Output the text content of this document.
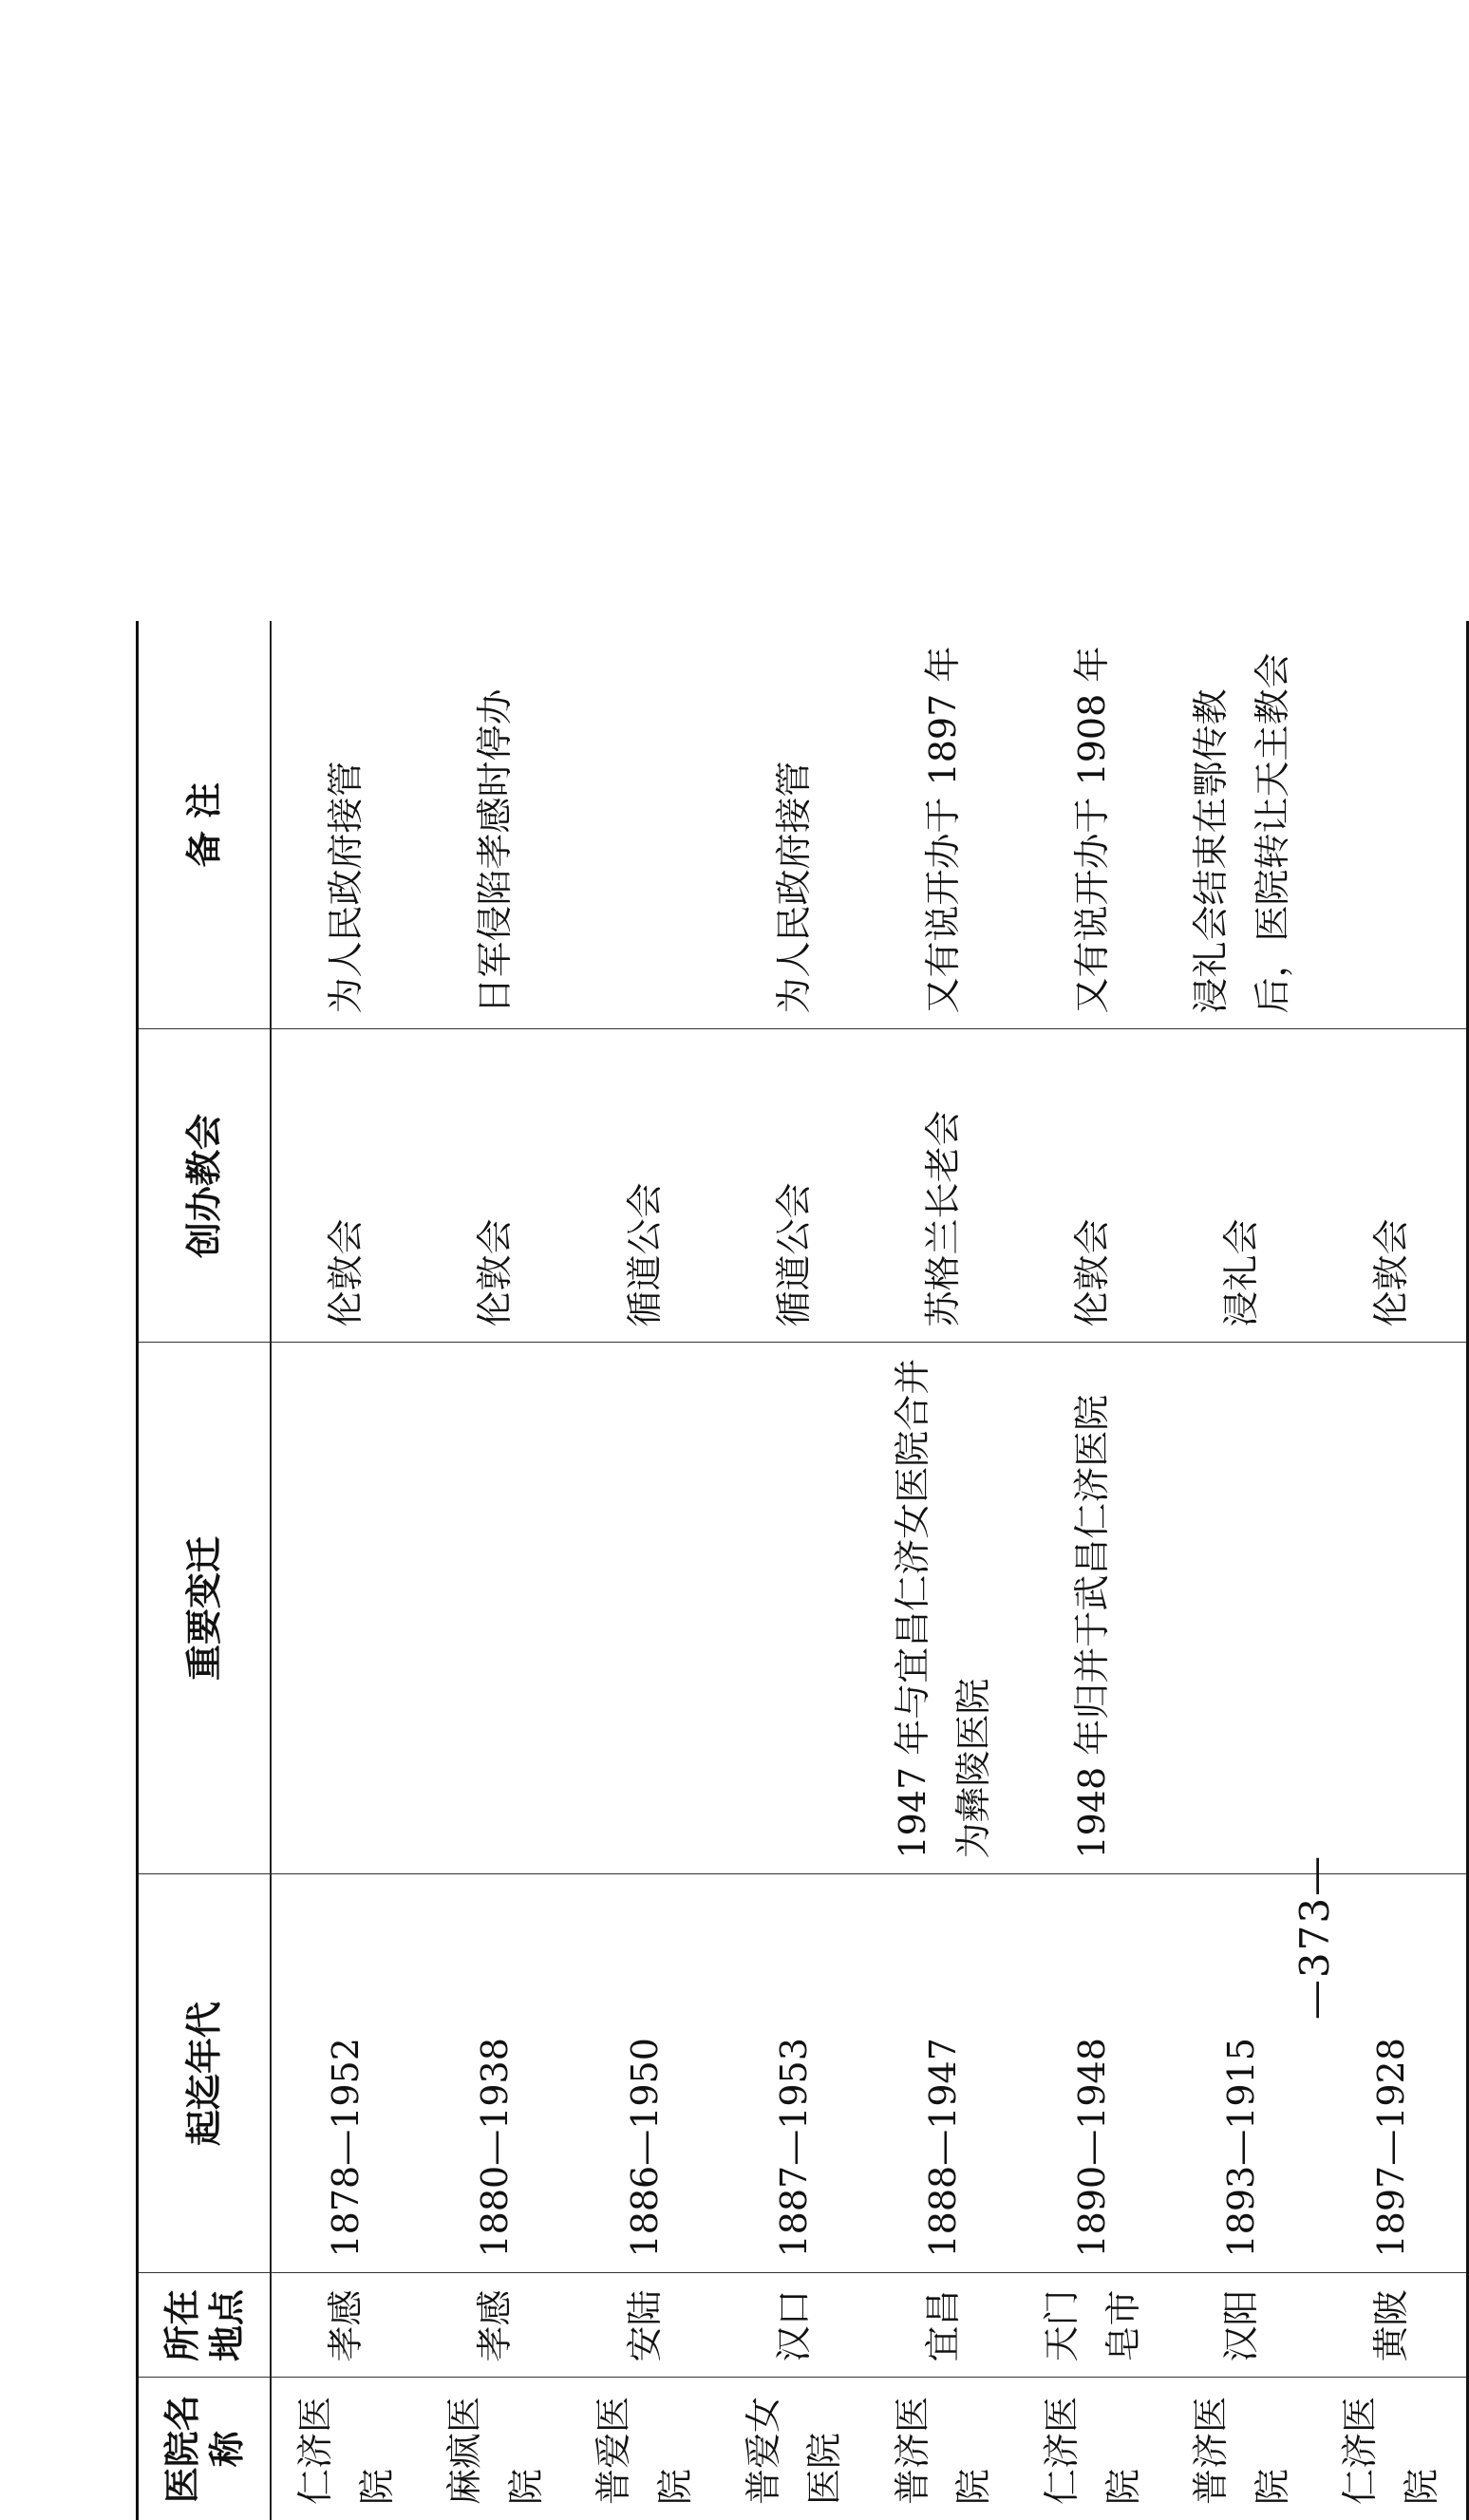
医院名称	所在地点	起迄年代	重要变迁	创办教会	备 注
仁济医院	孝感	1878—1952		伦敦会	为人民政府接管
麻疯医院	孝感	1880—1938		伦敦会	日军侵陷孝感时停办
普爱医院	安陆	1886—1950		循道公会	
普爱女医院	汉口	1887—1953		循道公会	为人民政府接管
普济医院	宜昌	1888—1947	1947 年与宜昌仁济女医院合并为彝陵医院	苏格兰长老会	又有说开办于 1897 年
仁济医院	天门皂市	1890—1948	1948 年归并于武昌仁济医院	伦敦会	又有说开办于 1908 年
普济医院	汉阳	1893—1915		浸礼会	浸礼会结束在鄂传教后，医院转让天主教会
仁济医院	黄陂	1897—1928		伦敦会	
— 373 —
